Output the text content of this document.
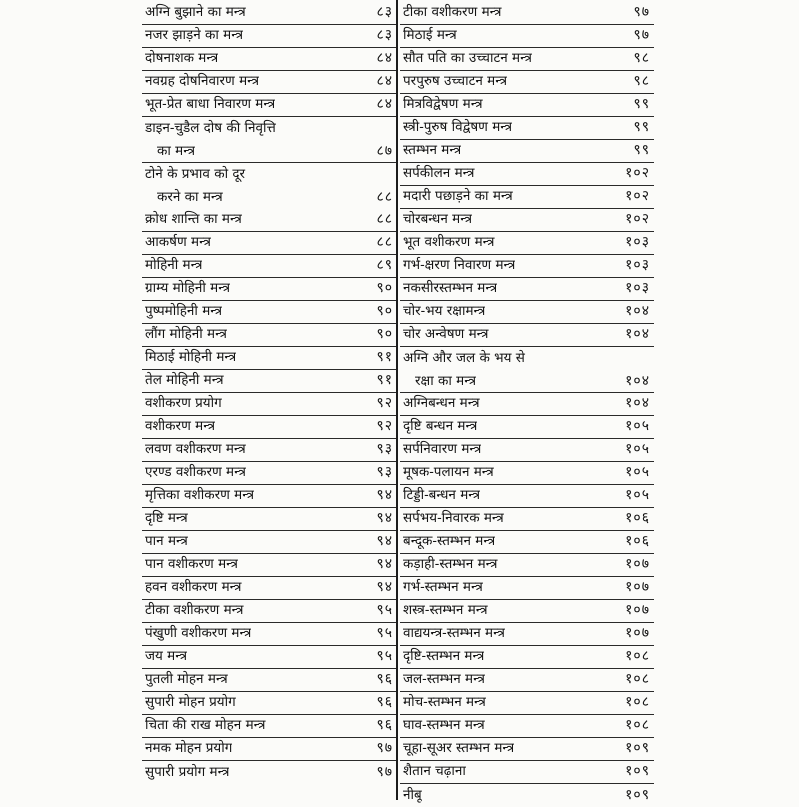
अग्नि बुझाने का मन्त्र	८३
नजर झाड़ने का मन्त्र	८३
दोषनाशक मन्त्र	८४
नवग्रह दोषनिवारण मन्त्र	८४
भूत-प्रेत बाधा निवारण मन्त्र	८४
डाइन-चुडैल दोष की निवृत्ति
का मन्त्र	८७
टोने के प्रभाव को दूर
करने का मन्त्र	८८
क्रोध शान्ति का मन्त्र	८८
आकर्षण मन्त्र	८८
मोहिनी मन्त्र	८९
ग्राम्य मोहिनी मन्त्र	९०
पुष्पमोहिनी मन्त्र	९०
लौंग मोहिनी मन्त्र	९०
मिठाई मोहिनी मन्त्र	९१
तेल मोहिनी मन्त्र	९१
वशीकरण प्रयोग	९२
वशीकरण मन्त्र	९२
लवण वशीकरण मन्त्र	९३
एरण्ड वशीकरण मन्त्र	९३
मृत्तिका वशीकरण मन्त्र	९४
दृष्टि मन्त्र	९४
पान मन्त्र	९४
पान वशीकरण मन्त्र	९४
हवन वशीकरण मन्त्र	९४
टीका वशीकरण मन्त्र	९५
पंखुणी वशीकरण मन्त्र	९५
जय मन्त्र	९५
पुतली मोहन मन्त्र	९६
सुपारी मोहन प्रयोग	९६
चिता की राख मोहन मन्त्र	९६
नमक मोहन प्रयोग	९७
सुपारी प्रयोग मन्त्र	९७
टीका वशीकरण मन्त्र	९७
मिठाई मन्त्र	९७
सौत पति का उच्चाटन मन्त्र	९८
परपुरुष उच्चाटन मन्त्र	९८
मित्रविद्वेषण मन्त्र	९९
स्त्री-पुरुष विद्वेषण मन्त्र	९९
स्तम्भन मन्त्र	९९
सर्पकीलन मन्त्र	१०२
मदारी पछाड़ने का मन्त्र	१०२
चोरबन्धन मन्त्र	१०२
भूत वशीकरण मन्त्र	१०३
गर्भ-क्षरण निवारण मन्त्र	१०३
नकसीरस्तम्भन मन्त्र	१०३
चोर-भय रक्षामन्त्र	१०४
चोर अन्वेषण मन्त्र	१०४
अग्नि और जल के भय से
रक्षा का मन्त्र	१०४
अग्निबन्धन मन्त्र	१०४
दृष्टि बन्धन मन्त्र	१०५
सर्पनिवारण मन्त्र	१०५
मूषक-पलायन मन्त्र	१०५
टिड्डी-बन्धन मन्त्र	१०५
सर्पभय-निवारक मन्त्र	१०६
बन्दूक-स्तम्भन मन्त्र	१०६
कड़ाही-स्तम्भन मन्त्र	१०७
गर्भ-स्तम्भन मन्त्र	१०७
शस्त्र-स्तम्भन मन्त्र	१०७
वाद्ययन्त्र-स्तम्भन मन्त्र	१०७
दृष्टि-स्तम्भन मन्त्र	१०८
जल-स्तम्भन मन्त्र	१०८
मोच-स्तम्भन मन्त्र	१०८
घाव-स्तम्भन मन्त्र	१०८
चूहा-सूअर स्तम्भन मन्त्र	१०९
शैतान चढ़ाना	१०९
नीबू	१०९
